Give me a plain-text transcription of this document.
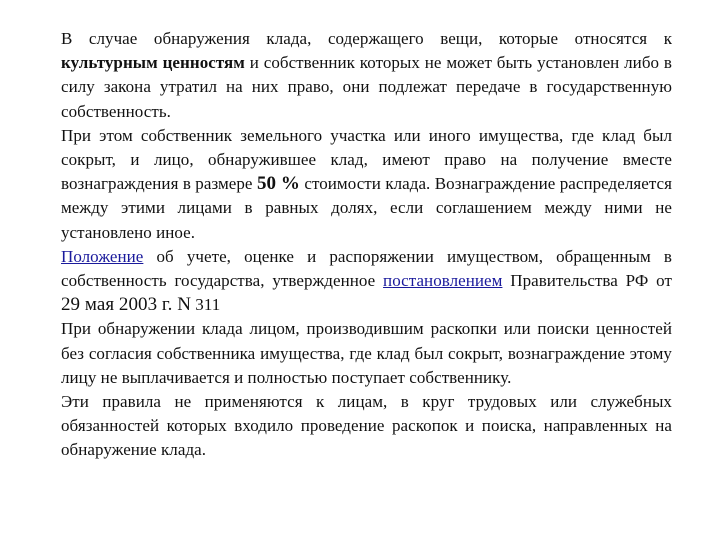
В случае обнаружения клада, содержащего вещи, которые относятся к культурным ценностям и собственник которых не может быть установлен либо в силу закона утратил на них право, они подлежат передаче в государственную собственность.

При этом собственник земельного участка или иного имущества, где клад был сокрыт, и лицо, обнаружившее клад, имеют право на получение вместе вознаграждения в размере 50 % стоимости клада. Вознаграждение распределяется между этими лицами в равных долях, если соглашением между ними не установлено иное.

Положение об учете, оценке и распоряжении имуществом, обращенным в собственность государства, утвержденное постановлением Правительства РФ от 29 мая 2003 г. N 311

При обнаружении клада лицом, производившим раскопки или поиски ценностей без согласия собственника имущества, где клад был сокрыт, вознаграждение этому лицу не выплачивается и полностью поступает собственнику.

Эти правила не применяются к лицам, в круг трудовых или служебных обязанностей которых входило проведение раскопок и поиска, направленных на обнаружение клада.
